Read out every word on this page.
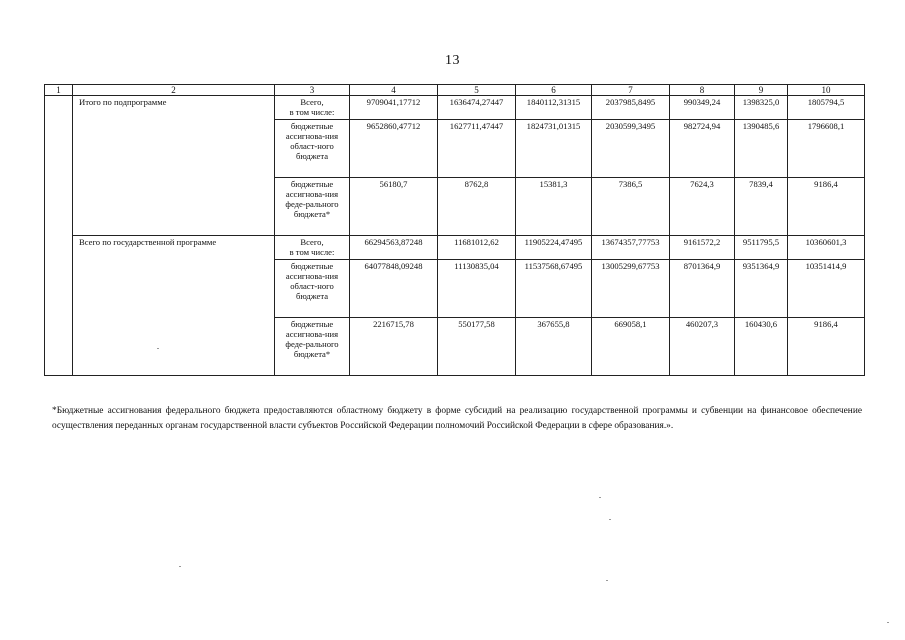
13
1	2	3	4	5	6	7	8	9	10
	Итого по подпрограмме	Всего,
в том числе:	9709041,17712	1636474,27447	1840112,31315	2037985,8495	990349,24	1398325,0	1805794,5
		бюджетные ассигнова-ния област-ного бюджета	9652860,47712	1627711,47447	1824731,01315	2030599,3495	982724,94	1390485,6	1796608,1
		бюджетные ассигнова-ния феде-рального бюджета*	56180,7	8762,8	15381,3	7386,5	7624,3	7839,4	9186,4
	Всего по государственной программе	Всего,
в том числе:	66294563,87248	11681012,62	11905224,47495	13674357,77753	9161572,2	9511795,5	10360601,3
		бюджетные ассигнова-ния област-ного бюджета	64077848,09248	11130835,04	11537568,67495	13005299,67753	8701364,9	9351364,9	10351414,9
		бюджетные ассигнова-ния феде-рального бюджета*	2216715,78	550177,58	367655,8	669058,1	460207,3	160430,6	9186,4
*Бюджетные ассигнования федерального бюджета предоставляются областному бюджету в форме субсидий на реализацию государственной программы и субвенции на финансовое обеспечение осуществления переданных органам государственной власти субъектов Российской Федерации полномочий Российской Федерации в сфере образования.».
